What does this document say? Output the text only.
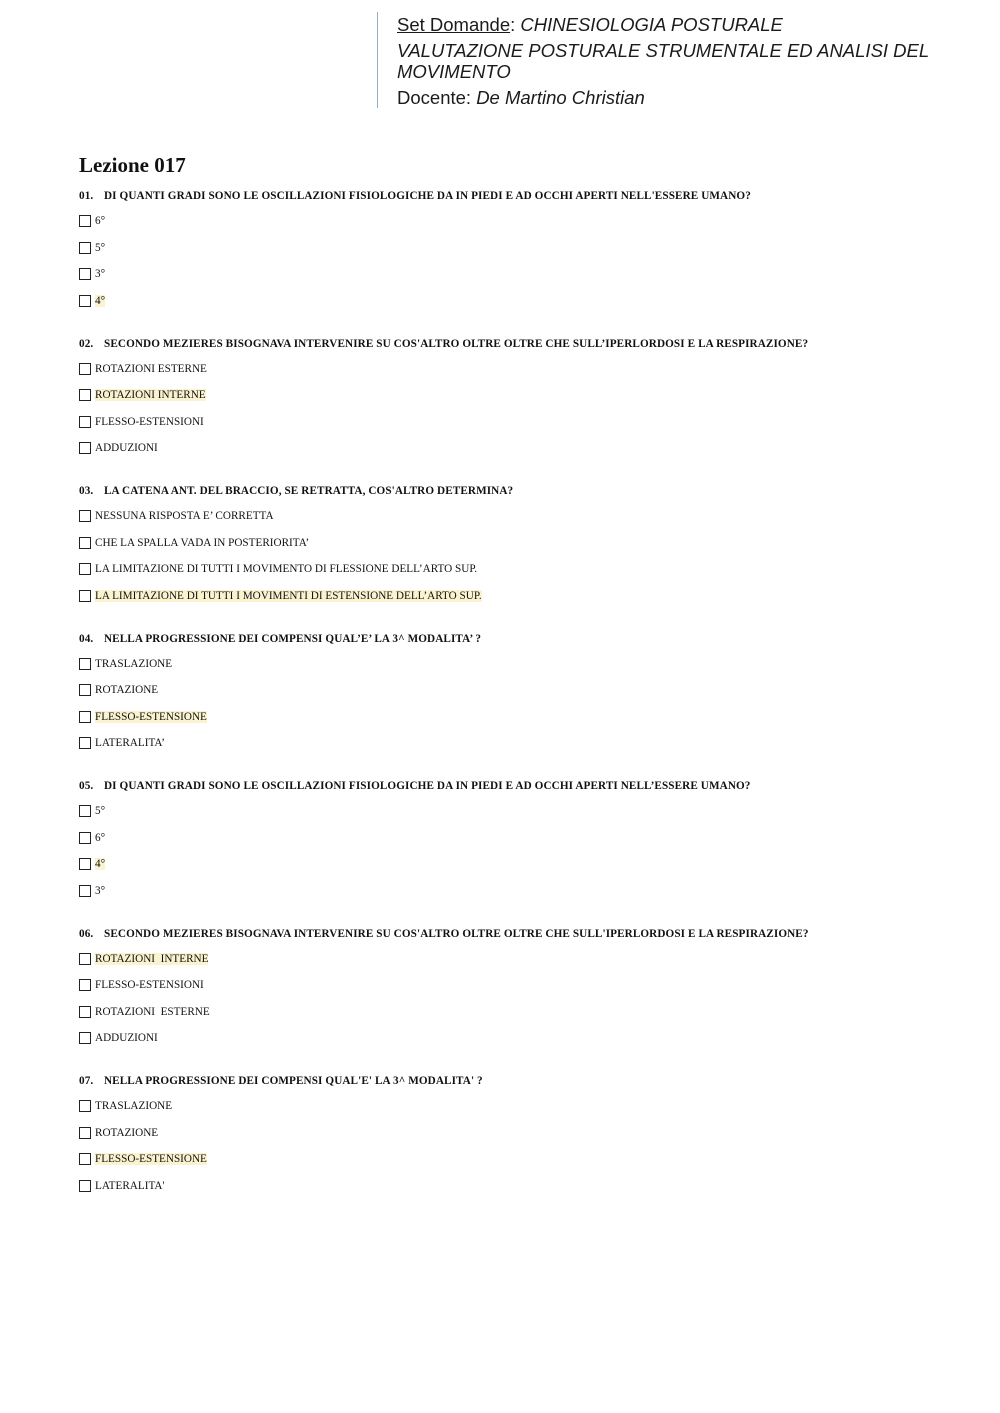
Set Domande: CHINESIOLOGIA POSTURALE
VALUTAZIONE POSTURALE STRUMENTALE ED ANALISI DEL MOVIMENTO
Docente: De Martino Christian
Lezione 017
01. DI QUANTI GRADI SONO LE OSCILLAZIONI FISIOLOGICHE DA IN PIEDI E AD OCCHI APERTI NELL'ESSERE UMANO?
6°
5°
3°
4°
02. SECONDO MEZIERES BISOGNAVA INTERVENIRE SU COS'ALTRO OLTRE OLTRE CHE SULL’IPERLORDOSI E LA RESPIRAZIONE?
ROTAZIONI ESTERNE
ROTAZIONI INTERNE
FLESSO-ESTENSIONI
ADDUZIONI
03. LA CATENA ANT. DEL BRACCIO, SE RETRATTA, COS'ALTRO DETERMINA?
NESSUNA RISPOSTA E’ CORRETTA
CHE LA SPALLA VADA IN POSTERIORITA’
LA LIMITAZIONE DI TUTTI I MOVIMENTO DI FLESSIONE DELL’ARTO SUP.
LA LIMITAZIONE DI TUTTI I MOVIMENTI DI ESTENSIONE DELL’ARTO SUP.
04. NELLA PROGRESSIONE DEI COMPENSI QUAL’E’ LA 3^ MODALITA’ ?
TRASLAZIONE
ROTAZIONE
FLESSO-ESTENSIONE
LATERALITA’
05. DI QUANTI GRADI SONO LE OSCILLAZIONI FISIOLOGICHE DA IN PIEDI E AD OCCHI APERTI NELL’ESSERE UMANO?
5°
6°
4°
3°
06. SECONDO MEZIERES BISOGNAVA INTERVENIRE SU COS'ALTRO OLTRE OLTRE CHE SULL'IPERLORDOSI E LA RESPIRAZIONE?
ROTAZIONI  INTERNE
FLESSO-ESTENSIONI
ROTAZIONI  ESTERNE
ADDUZIONI
07. NELLA PROGRESSIONE DEI COMPENSI QUAL'E' LA 3^ MODALITA' ?
TRASLAZIONE
ROTAZIONE
FLESSO-ESTENSIONE
LATERALITA'
